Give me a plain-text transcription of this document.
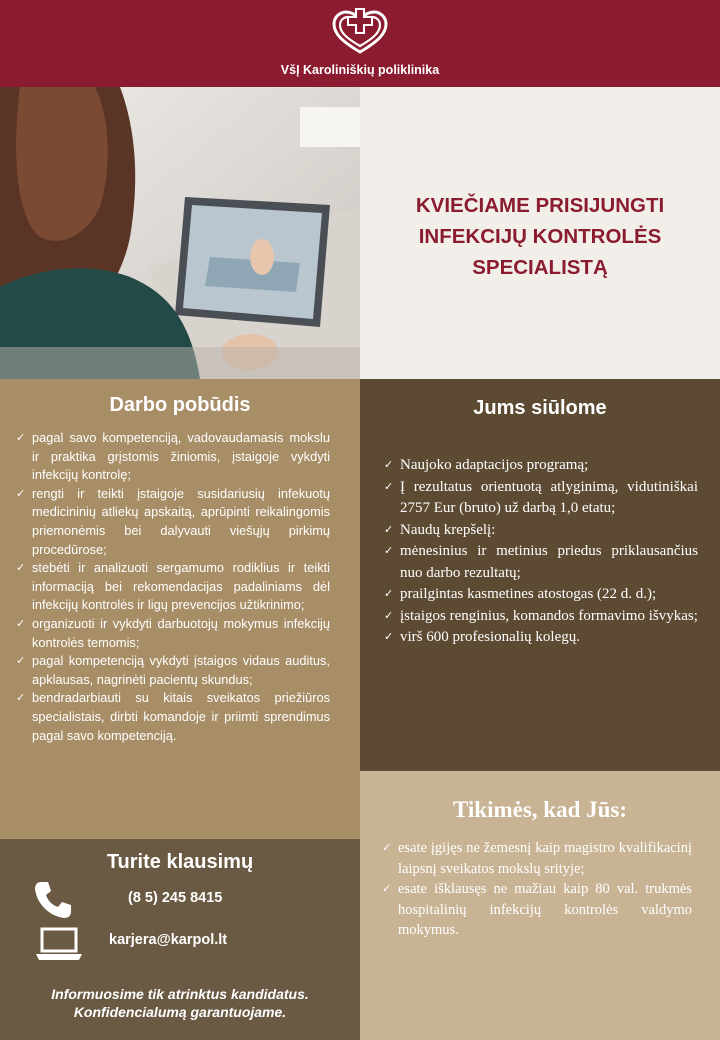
VšĮ Karoliniškių poliklinika
KVIEČIAME PRISIJUNGTI
INFEKCIJŲ KONTROLĖS
SPECIALISTĄ
Darbo pobūdis
✓ pagal savo kompetenciją, vadovaudamasis mokslu ir praktika grįstomis žiniomis, įstaigoje vykdyti infekcijų kontrolę;
✓ rengti ir teikti įstaigoje susidariusių infekuotų medicininių atliekų apskaitą, aprūpinti reikalingomis priemonėmis bei dalyvauti viešųjų pirkimų procedūrose;
✓ stebėti ir analizuoti sergamumo rodiklius ir teikti informaciją bei rekomendacijas padaliniams dėl infekcijų kontrolės ir ligų prevencijos užtikrinimo;
✓ organizuoti ir vykdyti darbuotojų mokymus infekcijų kontrolės temomis;
✓ pagal kompetenciją vykdyti įstaigos vidaus auditus, apklausas, nagrinėti pacientų skundus;
✓ bendradarbiauti su kitais sveikatos priežiūros specialistais, dirbti komandoje ir priimti sprendimus pagal savo kompetenciją.
Jums siūlome
✓ Naujoko adaptacijos programą;
✓ Į rezultatus orientuotą atlyginimą, vidutiniškai 2757 Eur (bruto) už darbą 1,0 etatu;
✓ Naudų krepšelį:
✓ mėnesinius ir metinius priedus priklausančius nuo darbo rezultatų;
✓ prailgintas kasmetines atostogas (22 d. d.);
✓ įstaigos renginius, komandos formavimo išvykas;
✓ virš 600 profesionalių kolegų.
Tikimės, kad Jūs:
✓ esate įgijęs ne žemesnį kaip magistro kvalifikacinį laipsnį sveikatos mokslų srityje;
✓ esate išklausęs ne mažiau kaip 80 val. trukmės hospitalinių infekcijų kontrolės valdymo mokymus.
Turite klausimų
(8 5) 245 8415
karjera@karpol.lt
Informuosime tik atrinktus kandidatus.
Konfidencialumą garantuojame.
